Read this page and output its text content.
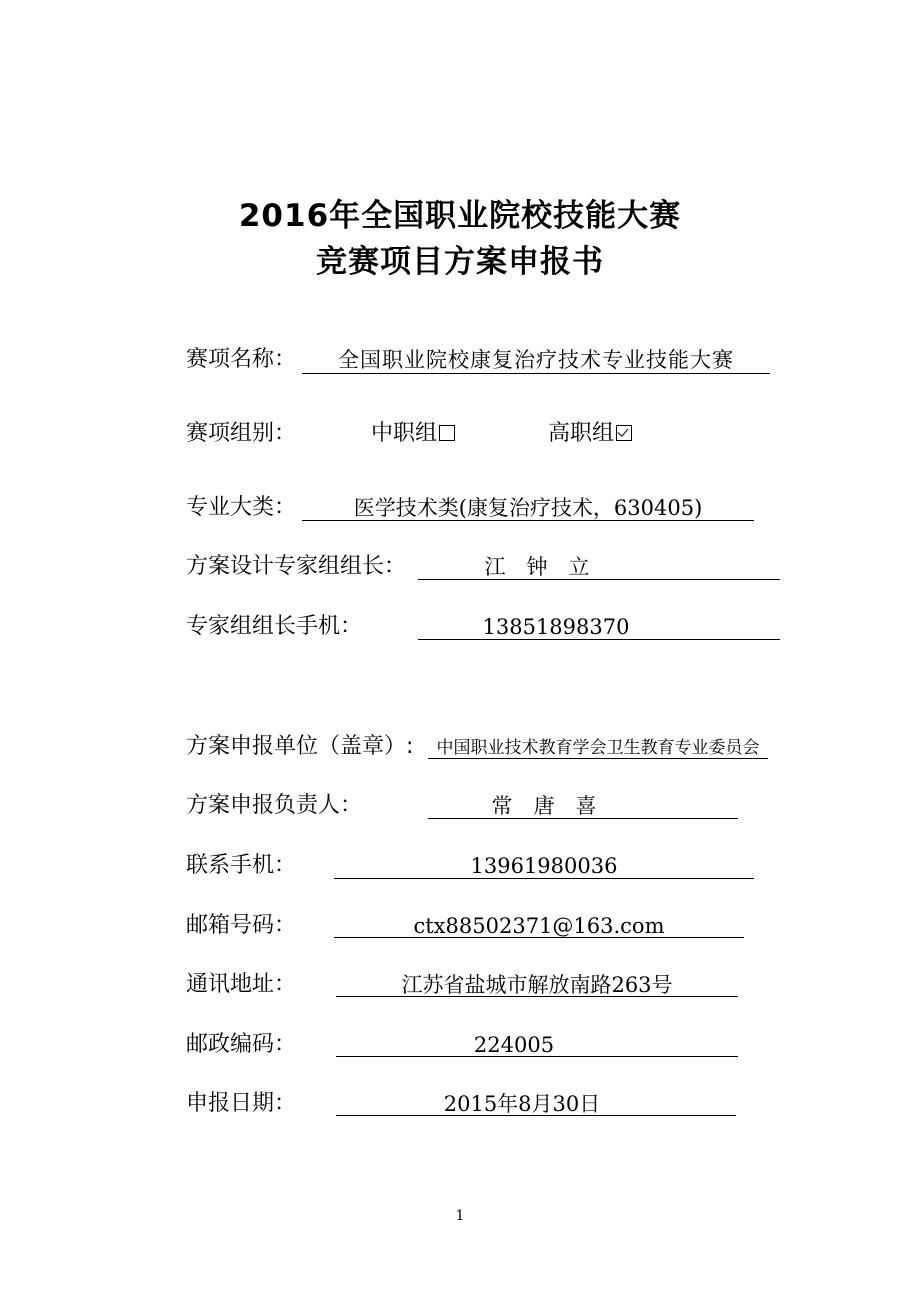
2016年全国职业院校技能大赛
竞赛项目方案申报书
赛项名称：	全国职业院校康复治疗技术专业技能大赛
赛项组别：	中职组	高职组
专业大类：	医学技术类(康复治疗技术，630405)
方案设计专家组组长：	江　钟　立
专家组组长手机：	13851898370
方案申报单位（盖章）:	中国职业技术教育学会卫生教育专业委员会
方案申报负责人：	常　唐　喜
联系手机：	13961980036
邮箱号码：	ctx88502371@163.com
通讯地址：	江苏省盐城市解放南路263号
邮政编码：	224005
申报日期：	2015年8月30日
1
